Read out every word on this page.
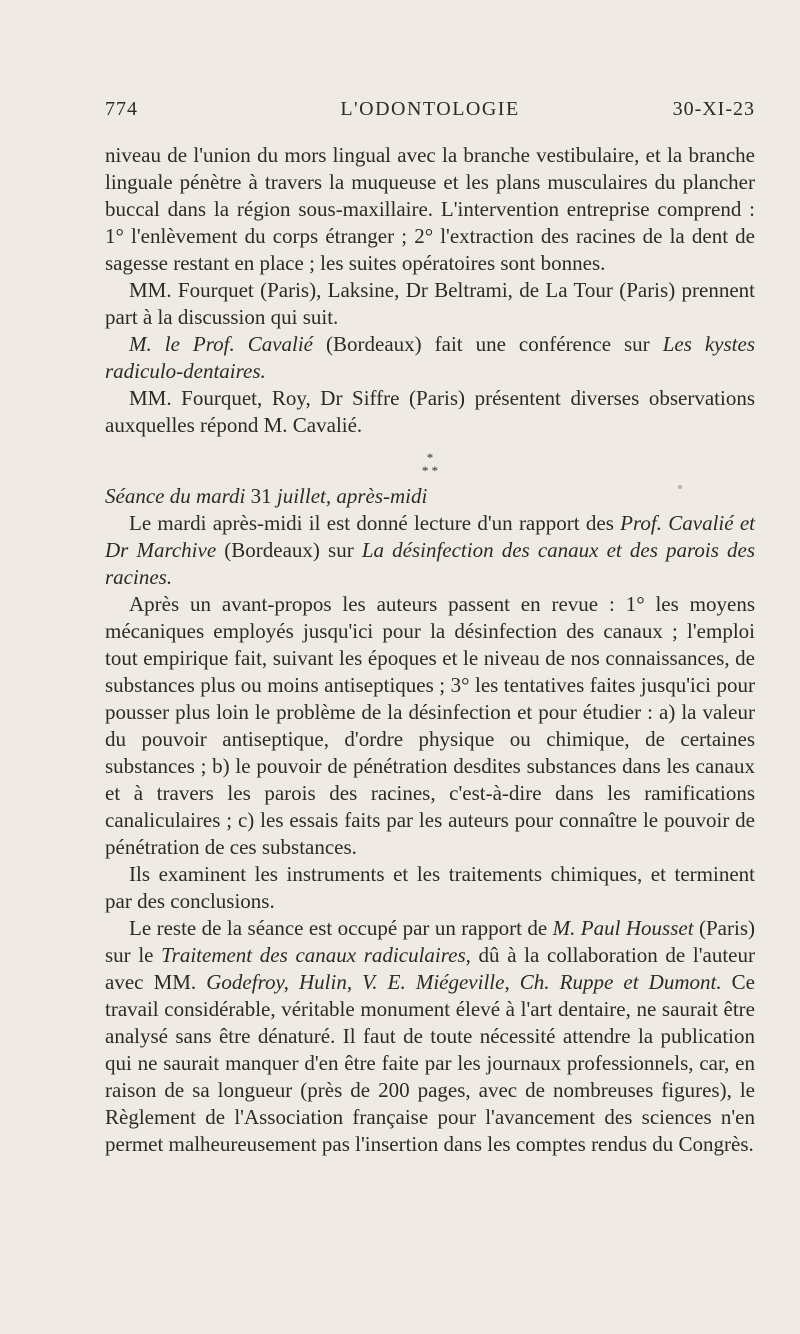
774	L'ODONTOLOGIE	30-XI-23

niveau de l'union du mors lingual avec la branche vestibulaire, et la branche linguale pénètre à travers la muqueuse et les plans musculaires du plancher buccal dans la région sous-maxillaire. L'intervention entreprise comprend : 1° l'enlèvement du corps étranger ; 2° l'extraction des racines de la dent de sagesse restant en place ; les suites opératoires sont bonnes.

MM. Fourquet (Paris), Laksine, Dr Beltrami, de La Tour (Paris) prennent part à la discussion qui suit.

M. le Prof. Cavalié (Bordeaux) fait une conférence sur Les kystes radiculo-dentaires.

MM. Fourquet, Roy, Dr Siffre (Paris) présentent diverses observations auxquelles répond M. Cavalié.

*
* *

Séance du mardi 31 juillet, après-midi

Le mardi après-midi il est donné lecture d'un rapport des Prof. Cavalié et Dr Marchive (Bordeaux) sur La désinfection des canaux et des parois des racines.

Après un avant-propos les auteurs passent en revue : 1° les moyens mécaniques employés jusqu'ici pour la désinfection des canaux ; l'emploi tout empirique fait, suivant les époques et le niveau de nos connaissances, de substances plus ou moins antiseptiques ; 3° les tentatives faites jusqu'ici pour pousser plus loin le problème de la désinfection et pour étudier : a) la valeur du pouvoir antiseptique, d'ordre physique ou chimique, de certaines substances ; b) le pouvoir de pénétration desdites substances dans les canaux et à travers les parois des racines, c'est-à-dire dans les ramifications canaliculaires ; c) les essais faits par les auteurs pour connaître le pouvoir de pénétration de ces substances.

Ils examinent les instruments et les traitements chimiques, et terminent par des conclusions.

Le reste de la séance est occupé par un rapport de M. Paul Housset (Paris) sur le Traitement des canaux radiculaires, dû à la collaboration de l'auteur avec MM. Godefroy, Hulin, V. E. Miégeville, Ch. Ruppe et Dumont. Ce travail considérable, véritable monument élevé à l'art dentaire, ne saurait être analysé sans être dénaturé. Il faut de toute nécessité attendre la publication qui ne saurait manquer d'en être faite par les journaux professionnels, car, en raison de sa longueur (près de 200 pages, avec de nombreuses figures), le Règlement de l'Association française pour l'avancement des sciences n'en permet malheureusement pas l'insertion dans les comptes rendus du Congrès.
